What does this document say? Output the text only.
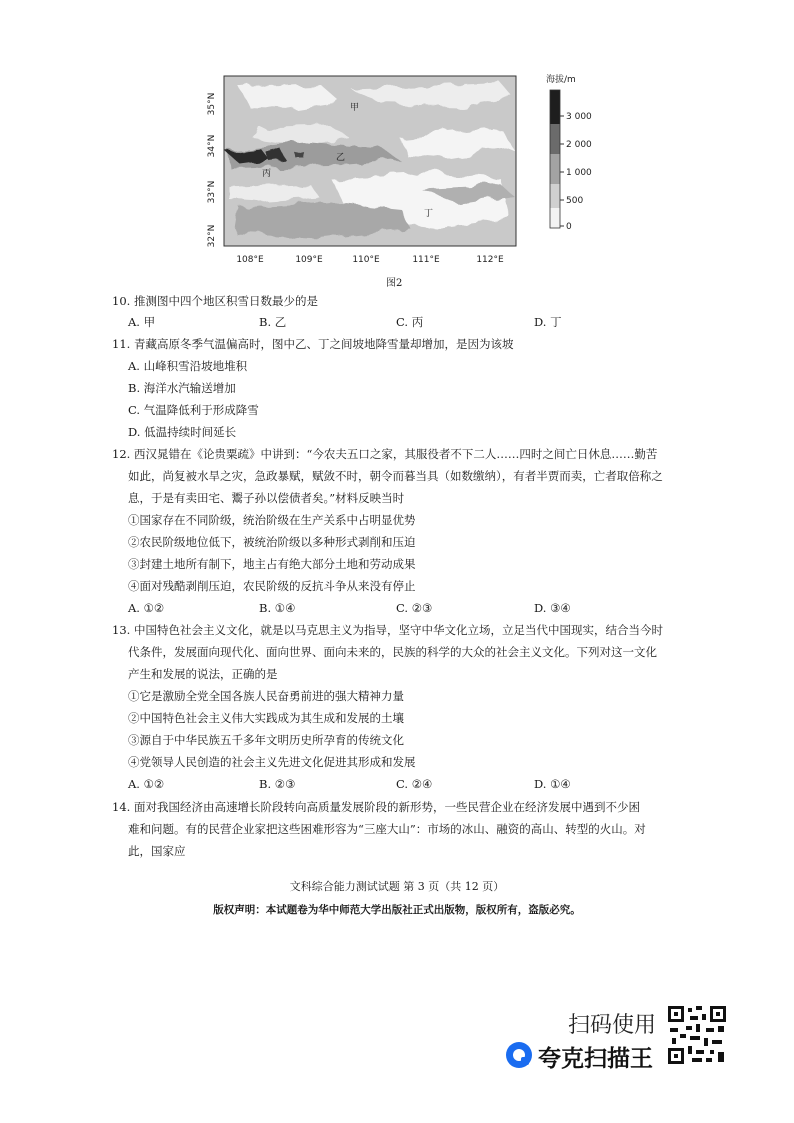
甲
乙
丙
丁
35°N
34°N
33°N
32°N
108°E	109°E	110°E	111°E	112°E
海拔/m
3 000
2 000
1 000
500
0
图2
10. 推测图中四个地区积雪日数最少的是
A. 甲	B. 乙	C. 丙	D. 丁
11. 青藏高原冬季气温偏高时，图中乙、丁之间坡地降雪量却增加，是因为该坡
A. 山峰积雪沿坡地堆积
B. 海洋水汽输送增加
C. 气温降低利于形成降雪
D. 低温持续时间延长
12. 西汉晁错在《论贵粟疏》中讲到：“今农夫五口之家，其服役者不下二人……四时之间亡日休息……勤苦
如此，尚复被水旱之灾，急政暴赋，赋敛不时，朝令而暮当具（如数缴纳），有者半贾而卖，亡者取倍称之
息，于是有卖田宅、鬻子孙以偿债者矣。”材料反映当时
①国家存在不同阶级，统治阶级在生产关系中占明显优势
②农民阶级地位低下，被统治阶级以多种形式剥削和压迫
③封建土地所有制下，地主占有绝大部分土地和劳动成果
④面对残酷剥削压迫，农民阶级的反抗斗争从来没有停止
A. ①②	B. ①④	C. ②③	D. ③④
13. 中国特色社会主义文化，就是以马克思主义为指导，坚守中华文化立场，立足当代中国现实，结合当今时
代条件，发展面向现代化、面向世界、面向未来的，民族的科学的大众的社会主义文化。下列对这一文化
产生和发展的说法，正确的是
①它是激励全党全国各族人民奋勇前进的强大精神力量
②中国特色社会主义伟大实践成为其生成和发展的土壤
③源自于中华民族五千多年文明历史所孕育的传统文化
④党领导人民创造的社会主义先进文化促进其形成和发展
A. ①②	B. ②③	C. ②④	D. ①④
14. 面对我国经济由高速增长阶段转向高质量发展阶段的新形势，一些民营企业在经济发展中遇到不少困
难和问题。有的民营企业家把这些困难形容为“三座大山”：市场的冰山、融资的高山、转型的火山。对
此，国家应
文科综合能力测试试题 第 3 页（共 12 页）
版权声明：本试题卷为华中师范大学出版社正式出版物，版权所有，盗版必究。
扫码使用
夸克扫描王
